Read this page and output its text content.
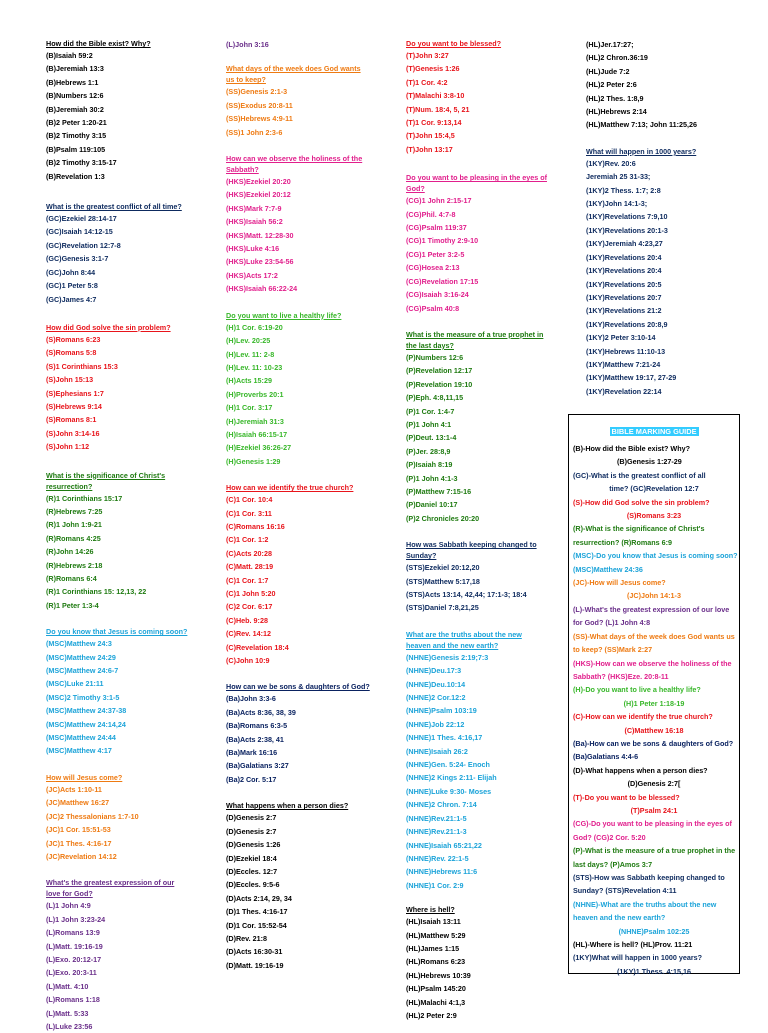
How did the Bible exist? Why?
(B)Isaiah 59:2
(B)Jeremiah 13:3
(B)Hebrews 1:1
(B)Numbers 12:6
(B)Jeremiah 30:2
(B)2 Peter 1:20-21
(B)2 Timothy 3:15
(B)Psalm 119:105
(B)2 Timothy 3:15-17
(B)Revelation 1:3
What is the greatest conflict of all time?
(GC)Ezekiel 28:14-17
(GC)Isaiah 14:12-15
(GC)Revelation 12:7-8
(GC)Genesis 3:1-7
(GC)John 8:44
(GC)1 Peter 5:8
(GC)James 4:7
How did God solve the sin problem?
(S)Romans 6:23
(S)Romans 5:8
(S)1 Corinthians 15:3
(S)John 15:13
(S)Ephesians 1:7
(S)Hebrews 9:14
(S)Romans 8:1
(S)John 3:14-16
(S)John 1:12
What is the significance of Christ's
resurrection?
(R)1 Corinthians 15:17
(R)Hebrews 7:25
(R)1 John 1:9-21
(R)Romans 4:25
(R)John 14:26
(R)Hebrews 2:18
(R)Romans 6:4
(R)1 Corinthians 15: 12,13, 22
(R)1 Peter 1:3-4
Do you know that Jesus is coming soon?
(MSC)Matthew 24:3
(MSC)Matthew 24:29
(MSC)Matthew 24:6-7
(MSC)Luke 21:11
(MSC)2 Timothy 3:1-5
(MSC)Matthew 24:37-38
(MSC)Matthew 24:14,24
(MSC)Matthew 24:44
(MSC)Matthew 4:17
How will Jesus come?
(JC)Acts 1:10-11
(JC)Matthew 16:27
(JC)2 Thessalonians 1:7-10
(JC)1 Cor. 15:51-53
(JC)1 Thes. 4:16-17
(JC)Revelation 14:12
What's the greatest expression of our
love for God?
(L)1 John 4:9
(L)1 John 3:23-24
(L)Romans 13:9
(L)Matt. 19:16-19
(L)Exo. 20:12-17
(L)Exo. 20:3-11
(L)Matt. 4:10
(L)Romans 1:18
(L)Matt. 5:33
(L)Luke 23:56
(L)John 3:16
What days of the week does God wants
us to keep?
(SS)Genesis 2:1-3
(SS)Exodus 20:8-11
(SS)Hebrews 4:9-11
(SS)1 John 2:3-6
How can we observe the holiness of the
Sabbath?
(HKS)Ezekiel 20:20
(HKS)Ezekiel 20:12
(HKS)Mark 7:7-9
(HKS)Isaiah 56:2
(HKS)Matt. 12:28-30
(HKS)Luke 4:16
(HKS)Luke 23:54-56
(HKS)Acts 17:2
(HKS)Isaiah 66:22-24
Do you want to live a healthy life?
(H)1 Cor. 6:19-20
(H)Lev. 20:25
(H)Lev. 11: 2-8
(H)Lev. 11: 10-23
(H)Acts 15:29
(H)Proverbs 20:1
(H)1 Cor. 3:17
(H)Jeremiah 31:3
(H)Isaiah 66:15-17
(H)Ezekiel 36:26-27
(H)Genesis 1:29
How can we identify the true church?
(C)1 Cor. 10:4
(C)1 Cor. 3:11
(C)Romans 16:16
(C)1 Cor. 1:2
(C)Acts 20:28
(C)Matt. 28:19
(C)1 Cor. 1:7
(C)1 John 5:20
(C)2 Cor. 6:17
(C)Heb. 9:28
(C)Rev. 14:12
(C)Revelation 18:4
(C)John 10:9
How can we be sons & daughters of God?
(Ba)John 3:3-6
(Ba)Acts 8:36, 38, 39
(Ba)Romans 6:3-5
(Ba)Acts 2:38, 41
(Ba)Mark 16:16
(Ba)Galatians 3:27
(Ba)2 Cor. 5:17
What happens when a person dies?
(D)Genesis 2:7
(D)Genesis 2:7
(D)Genesis 1:26
(D)Ezekiel 18:4
(D)Eccles. 12:7
(D)Eccles. 9:5-6
(D)Acts 2:14, 29, 34
(D)1 Thes. 4:16-17
(D)1 Cor. 15:52-54
(D)Rev. 21:8
(D)Acts 16:30-31
(D)Matt. 19:16-19
Do you want to be blessed?
(T)John 3:27
(T)Genesis 1:26
(T)1 Cor. 4:2
(T)Malachi 3:8-10
(T)Num. 18:4, 5, 21
(T)1 Cor. 9:13,14
(T)John 15:4,5
(T)John 13:17
Do you want to be pleasing in the eyes of
God?
(CG)1 John 2:15-17
(CG)Phil. 4:7-8
(CG)Psalm 119:37
(CG)1 Timothy 2:9-10
(CG)1 Peter 3:2-5
(CG)Hosea 2:13
(CG)Revelation 17:15
(CG)Isaiah 3:16-24
(CG)Psalm 40:8
What is the measure of a true prophet in
the last days?
(P)Numbers 12:6
(P)Revelation 12:17
(P)Revelation 19:10
(P)Eph. 4:8,11,15
(P)1 Cor. 1:4-7
(P)1 John 4:1
(P)Deut. 13:1-4
(P)Jer. 28:8,9
(P)Isaiah 8:19
(P)1 John 4:1-3
(P)Matthew 7:15-16
(P)Daniel 10:17
(P)2 Chronicles 20:20
How was Sabbath keeping changed to
Sunday?
(STS)Ezekiel 20:12,20
(STS)Matthew 5:17,18
(STS)Acts 13:14, 42,44; 17:1-3; 18:4
(STS)Daniel 7:8,21,25
What are the truths about the new
heaven and the new earth?
(NHNE)Genesis 2:19;7:3
(NHNE)Deu.17:3
(NHNE)Deu.10:14
(NHNE)2 Cor.12:2
(NHNE)Psalm 103:19
(NHNE)Job 22:12
(NHNE)1 Thes. 4:16,17
(NHNE)Isaiah 26:2
(NHNE)Gen. 5:24- Enoch
(NHNE)2 Kings 2:11- Elijah
(NHNE)Luke 9:30- Moses
(NHNE)2 Chron. 7:14
(NHNE)Rev.21:1-5
(NHNE)Rev.21:1-3
(NHNE)Isaiah 65:21,22
(NHNE)Rev. 22:1-5
(NHNE)Hebrews 11:6
(NHNE)1 Cor. 2:9
Where is hell?
(HL)Isaiah 13:11
(HL)Matthew 5:29
(HL)James 1:15
(HL)Romans 6:23
(HL)Hebrews 10:39
(HL)Psalm 145:20
(HL)Malachi 4:1,3
(HL)2 Peter 2:9
(HL)Jer.17:27;
(HL)2 Chron.36:19
(HL)Jude 7:2
(HL)2 Peter 2:6
(HL)2 Thes. 1:8,9
(HL)Hebrews 2:14
(HL)Matthew 7:13; John 11:25,26
What will happen in 1000 years?
(1KY)Rev. 20:6
Jeremiah 25 31-33;
(1KY)2 Thess. 1:7; 2:8
(1KY)John 14:1-3;
(1KY)Revelations 7:9,10
(1KY)Revelations 20:1-3
(1KY)Jeremiah 4:23,27
(1KY)Revelations 20:4
(1KY)Revelations 20:4
(1KY)Revelations 20:5
(1KY)Revelations 20:7
(1KY)Revelations 21:2
(1KY)Revelations 20:8,9
(1KY)2 Peter 3:10-14
(1KY)Hebrews 11:10-13
(1KY)Matthew 7:21-24
(1KY)Matthew 19:17, 27-29
(1KY)Revelation 22:14
BIBLE MARKING GUIDE
(B)-How did the Bible exist? Why?
(B)Genesis 1:27-29
(GC)-What is the greatest conflict of all
time? (GC)Revelation 12:7
(S)-How did God solve the sin problem?
(S)Romans 3:23
(R)-What is the significance of Christ's
resurrection? (R)Romans 6:9
(MSC)-Do you know that Jesus is coming soon?
(MSC)Matthew 24:36
(JC)-How will Jesus come?
(JC)John 14:1-3
(L)-What's the greatest expression of our love
for God? (L)1 John 4:8
(SS)-What days of the week does God wants us
to keep? (SS)Mark 2:27
(HKS)-How can we observe the holiness of the
Sabbath? (HKS)Eze. 20:8-11
(H)-Do you want to live a healthy life?
(H)1 Peter 1:18-19
(C)-How can we identify the true church?
(C)Matthew 16:18
(Ba)-How can we be sons & daughters of God?
(Ba)Galatians 4:4-6
(D)-What happens when a person dies?
(D)Genesis 2:7[
(T)-Do you want to be blessed?
(T)Psalm 24:1
(CG)-Do you want to be pleasing in the eyes of
God? (CG)2 Cor. 5:20
(P)-What is the measure of a true prophet in the
last days? (P)Amos 3:7
(STS)-How was Sabbath keeping changed to
Sunday? (STS)Revelation 4:11
(NHNE)-What are the truths about the new
heaven and the new earth?
(NHNE)Psalm 102:25
(HL)-Where is hell? (HL)Prov. 11:21
(1KY)What will happen in 1000 years?
(1KY)1 Thess. 4:15,16
